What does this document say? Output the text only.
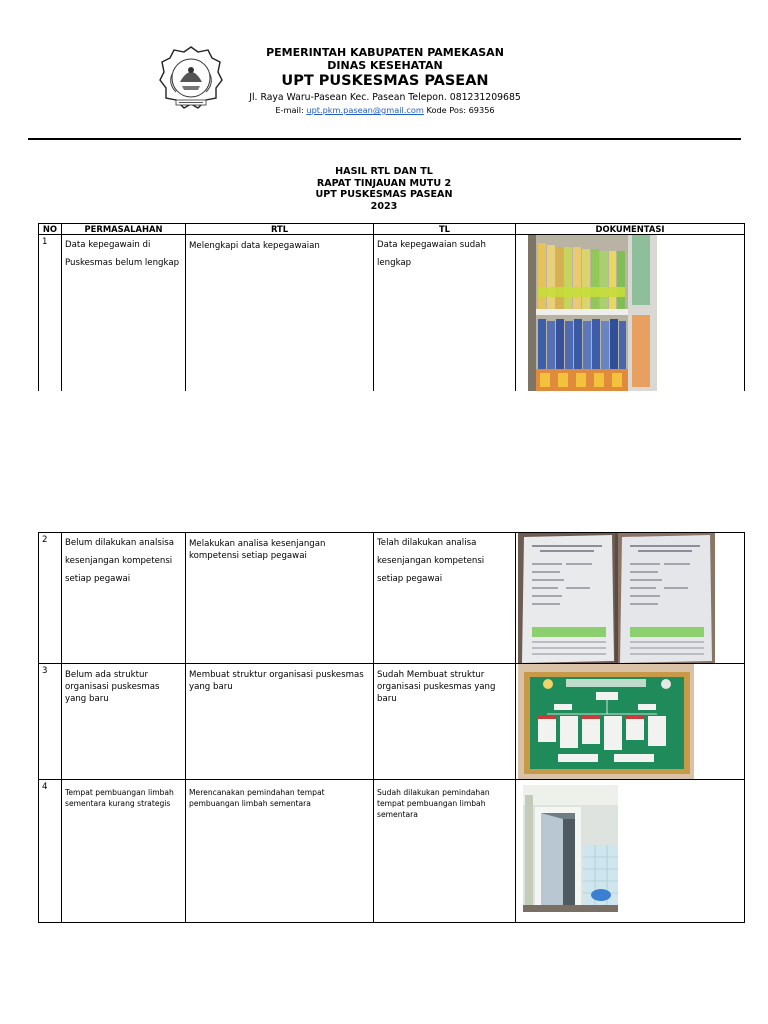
PEMERINTAH KABUPATEN PAMEKASAN
DINAS KESEHATAN
UPT PUSKESMAS PASEAN
Jl. Raya Waru-Pasean Kec. Pasean Telepon. 081231209685
E-mail: upt.pkm.pasean@gmail.com Kode Pos: 69356
HASIL RTL DAN TL
RAPAT TINJAUAN MUTU 2
UPT PUSKESMAS PASEAN
2023
NO	PERMASALAHAN	RTL	TL	DOKUMENTASI
1	Data kepegawain di Puskesmas belum lengkap	Melengkapi data kepegawaian	Data kepegawaian sudah lengkap	
2	Belum dilakukan analsisa kesenjangan kompetensi setiap pegawai	Melakukan analisa kesenjangan kompetensi setiap pegawai	Telah dilakukan analisa kesenjangan kompetensi setiap pegawai	

3	Belum ada struktur organisasi puskesmas yang baru	Membuat struktur organisasi puskesmas yang baru	Sudah Membuat struktur organisasi puskesmas yang baru	

4	Tempat pembuangan limbah sementara kurang strategis	Merencanakan pemindahan tempat pembuangan limbah sementara	Sudah dilakukan pemindahan tempat pembuangan limbah sementara	
